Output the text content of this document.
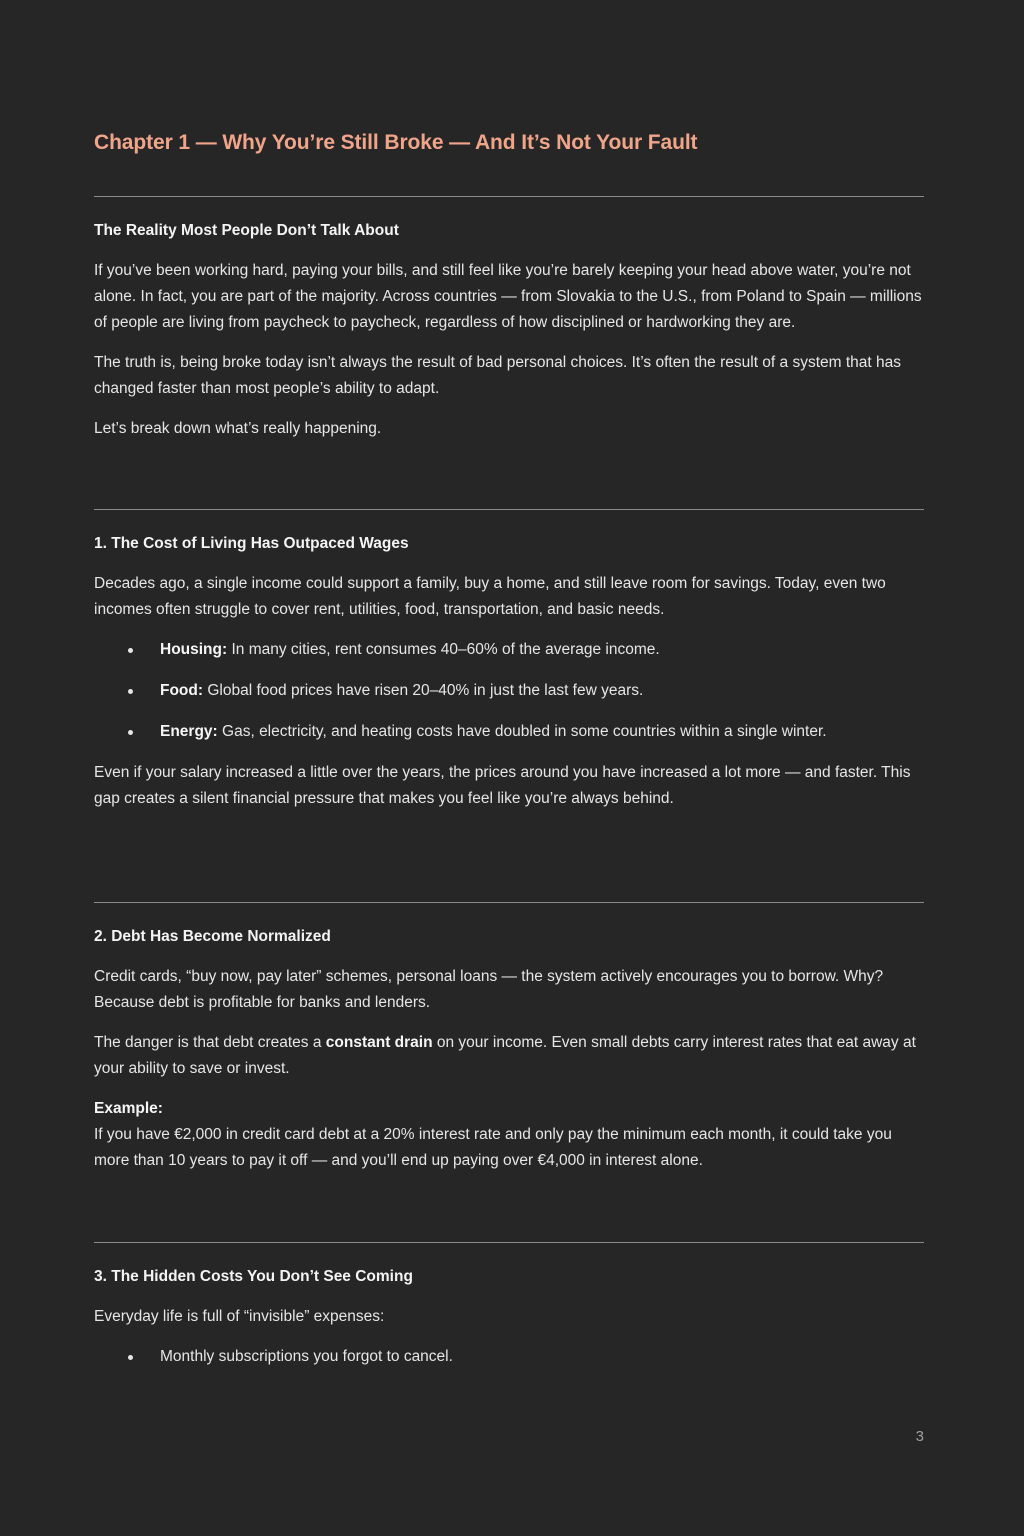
Chapter 1 — Why You’re Still Broke — And It’s Not Your Fault
The Reality Most People Don’t Talk About

If you’ve been working hard, paying your bills, and still feel like you’re barely keeping your head above water, you’re not alone. In fact, you are part of the majority. Across countries — from Slovakia to the U.S., from Poland to Spain — millions of people are living from paycheck to paycheck, regardless of how disciplined or hardworking they are.

The truth is, being broke today isn’t always the result of bad personal choices. It’s often the result of a system that has changed faster than most people’s ability to adapt.

Let’s break down what’s really happening.

1. The Cost of Living Has Outpaced Wages

Decades ago, a single income could support a family, buy a home, and still leave room for savings. Today, even two incomes often struggle to cover rent, utilities, food, transportation, and basic needs.

Housing: In many cities, rent consumes 40–60% of the average income.
Food: Global food prices have risen 20–40% in just the last few years.
Energy: Gas, electricity, and heating costs have doubled in some countries within a single winter.

Even if your salary increased a little over the years, the prices around you have increased a lot more — and faster. This gap creates a silent financial pressure that makes you feel like you’re always behind.

2. Debt Has Become Normalized

Credit cards, “buy now, pay later” schemes, personal loans — the system actively encourages you to borrow. Why? Because debt is profitable for banks and lenders.

The danger is that debt creates a constant drain on your income. Even small debts carry interest rates that eat away at your ability to save or invest.

Example:
If you have €2,000 in credit card debt at a 20% interest rate and only pay the minimum each month, it could take you more than 10 years to pay it off — and you’ll end up paying over €4,000 in interest alone.

3. The Hidden Costs You Don’t See Coming

Everyday life is full of “invisible” expenses:

Monthly subscriptions you forgot to cancel.
3
